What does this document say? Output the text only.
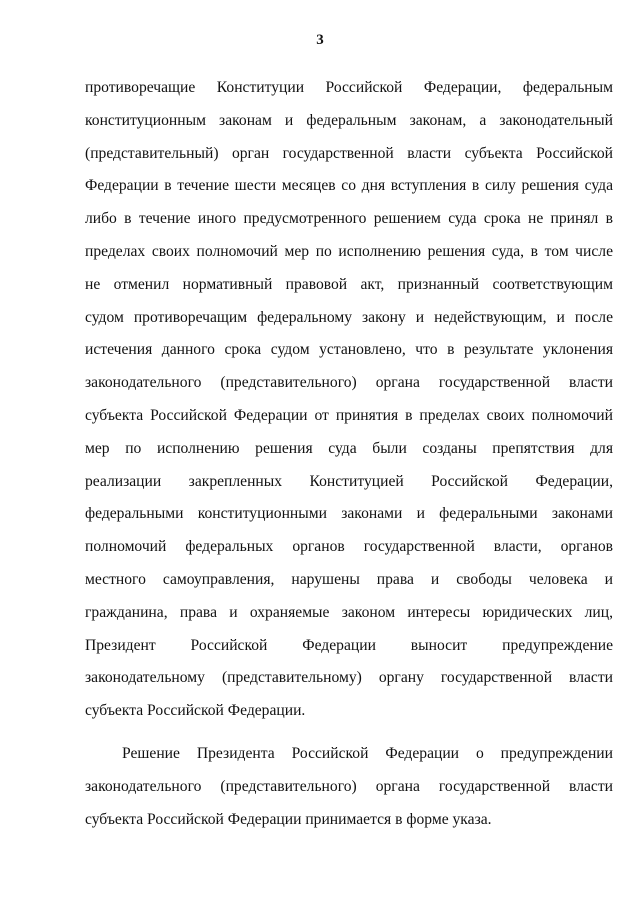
3
противоречащие Конституции Российской Федерации, федеральным
конституционным законам и федеральным законам, а законодательный
(представительный) орган государственной власти субъекта Российской
Федерации в течение шести месяцев со дня вступления в силу решения суда
либо в течение иного предусмотренного решением суда срока не принял в
пределах своих полномочий мер по исполнению решения суда, в том числе
не отменил нормативный правовой акт, признанный соответствующим
судом противоречащим федеральному закону и недействующим, и после
истечения данного срока судом установлено, что в результате уклонения
законодательного (представительного) органа государственной власти
субъекта Российской Федерации от принятия в пределах своих полномочий
мер по исполнению решения суда были созданы препятствия для
реализации закрепленных Конституцией Российской Федерации,
федеральными конституционными законами и федеральными законами
полномочий федеральных органов государственной власти, органов
местного самоуправления, нарушены права и свободы человека и
гражданина, права и охраняемые законом интересы юридических лиц,
Президент Российской Федерации выносит предупреждение
законодательному (представительному) органу государственной власти
субъекта Российской Федерации.
Решение Президента Российской Федерации о предупреждении
законодательного (представительного) органа государственной власти
субъекта Российской Федерации принимается в форме указа.
